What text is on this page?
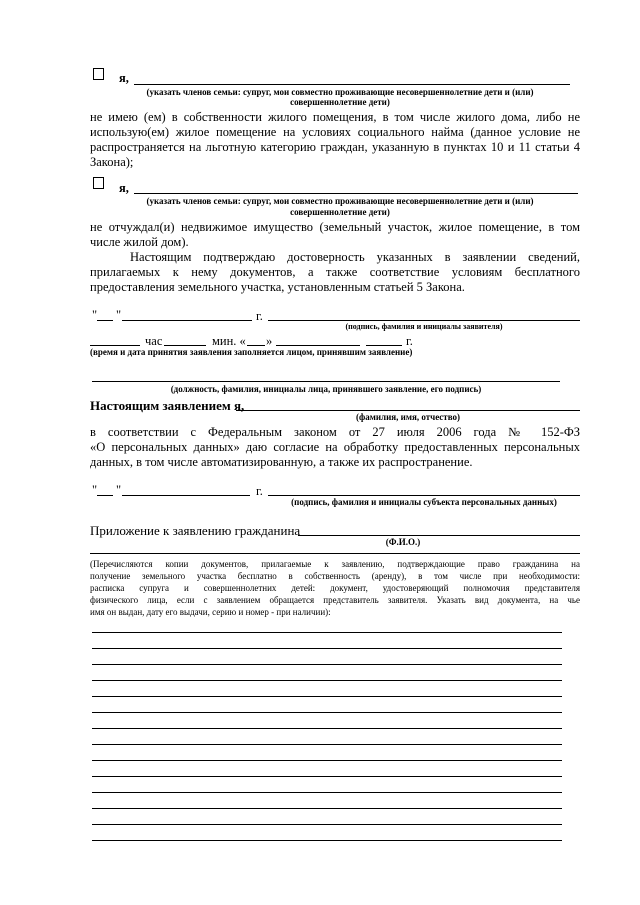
я,
(указать членов семьи: супруг, мои совместно проживающие несовершеннолетние дети и (или)
совершеннолетние дети)
не имею (ем) в собственности жилого помещения, в том числе жилого дома, либо не
использую(ем) жилое помещение на условиях социального найма (данное условие не
распространяется на льготную категорию граждан, указанную в пунктах 10 и 11 статьи 4
Закона);
я,
(указать членов семьи: супруг, мои совместно проживающие несовершеннолетние дети и (или)
совершеннолетние дети)
не отчуждал(и) недвижимое имущество (земельный участок, жилое помещение, в том
числе жилой дом).
Настоящим подтверждаю достоверность указанных в заявлении сведений,
прилагаемых к нему документов, а также соответствие условиям бесплатного
предоставления земельного участка, установленным статьей 5 Закона.
" "	г.
(подпись, фамилия и инициалы заявителя)
час	мин. « »	г.
(время и дата принятия заявления заполняется лицом, принявшим заявление)
(должность, фамилия, инициалы лица, принявшего заявление, его подпись)
Настоящим заявлением я,
(фамилия, имя, отчество)
в соответствии с Федеральным законом от 27 июля 2006 года № 152-ФЗ
«О персональных данных» даю согласие на обработку предоставленных персональных
данных, в том числе автоматизированную, а также их распространение.
" "	г.
(подпись, фамилия и инициалы субъекта персональных данных)
Приложение к заявлению гражданина
(Ф.И.О.)
(Перечисляются копии документов, прилагаемые к заявлению, подтверждающие право гражданина на
получение земельного участка бесплатно в собственность (аренду), в том числе при необходимости:
расписка супруга и совершеннолетних детей: документ, удостоверяющий полномочия представителя
физического лица, если с заявлением обращается представитель заявителя. Указать вид документа, на чье
имя он выдан, дату его выдачи, серию и номер - при наличии):
